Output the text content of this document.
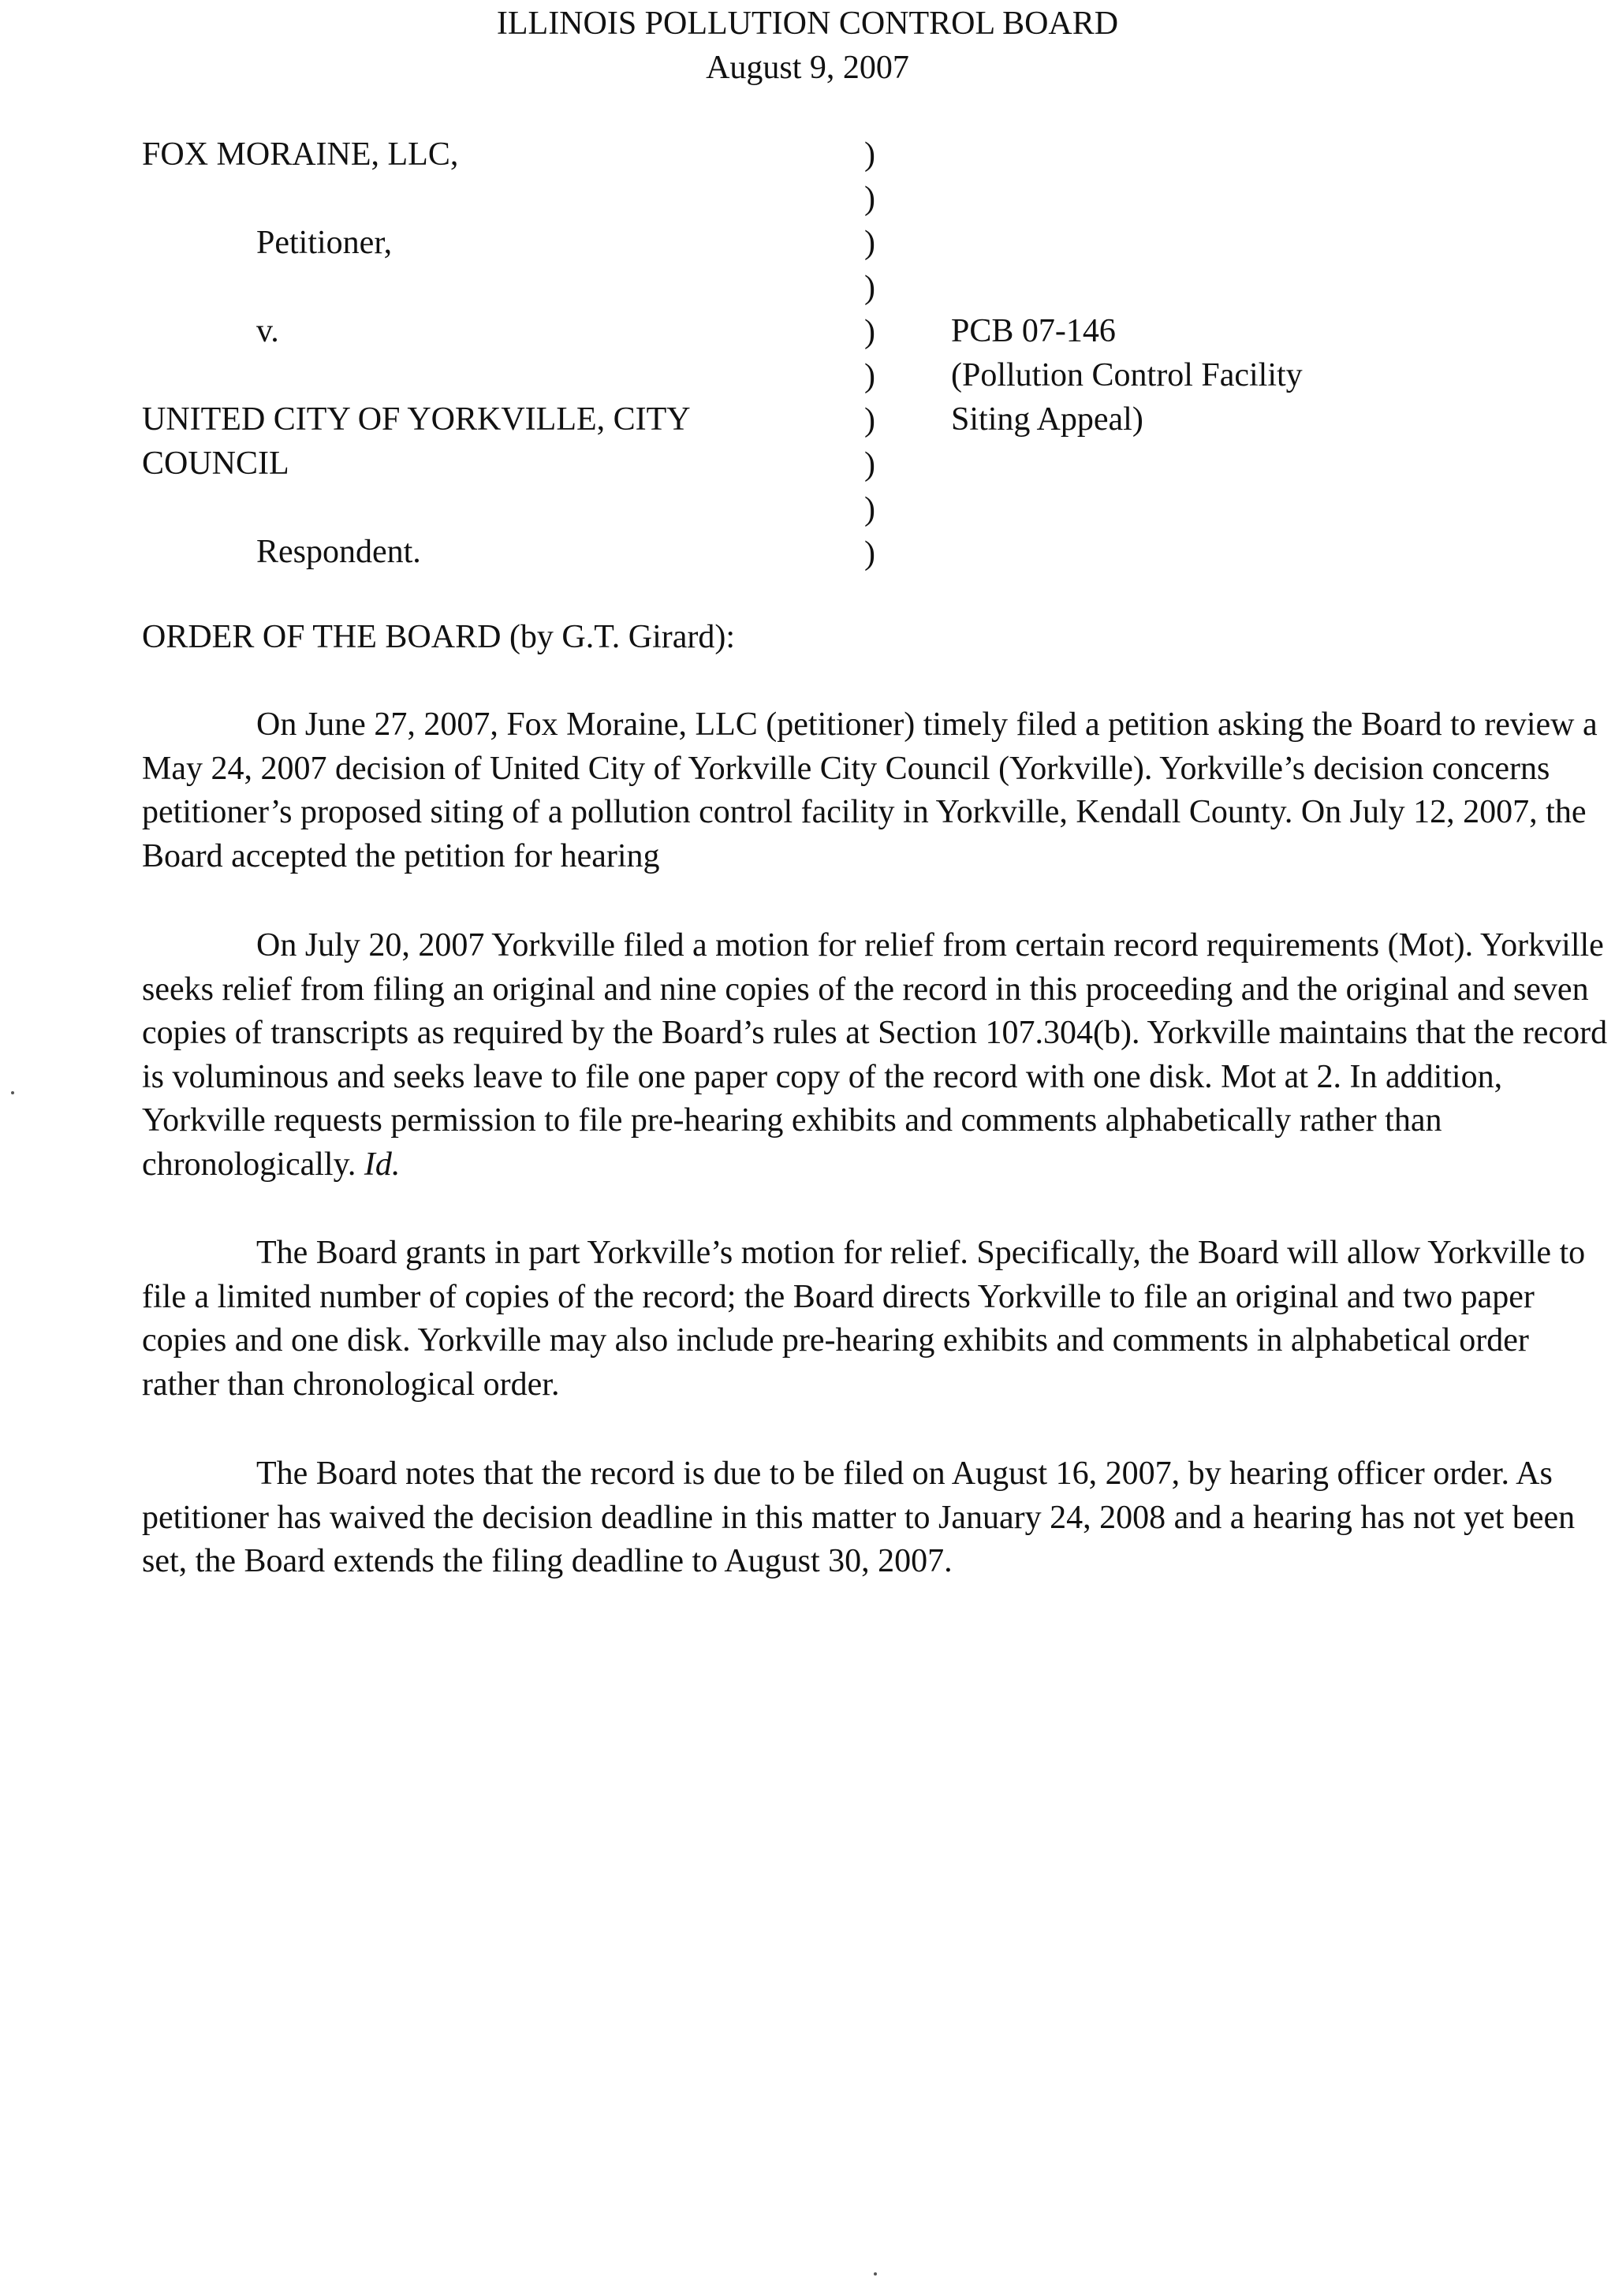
ILLINOIS POLLUTION CONTROL BOARD
August 9, 2007
FOX MORAINE, LLC,
Petitioner,
v.
UNITED CITY OF YORKVILLE, CITY
COUNCIL
Respondent.
)
)
)
)
)
)
)
)
)
)
PCB 07-146
(Pollution Control Facility
Siting Appeal)
ORDER OF THE BOARD (by G.T. Girard):

On June 27, 2007, Fox Moraine, LLC (petitioner) timely filed a petition asking the Board to review a May 24, 2007 decision of United City of Yorkville City Council (Yorkville). Yorkville’s decision concerns petitioner’s proposed siting of a pollution control facility in Yorkville, Kendall County. On July 12, 2007, the Board accepted the petition for hearing

On July 20, 2007 Yorkville filed a motion for relief from certain record requirements (Mot). Yorkville seeks relief from filing an original and nine copies of the record in this proceeding and the original and seven copies of transcripts as required by the Board’s rules at Section 107.304(b). Yorkville maintains that the record is voluminous and seeks leave to file one paper copy of the record with one disk. Mot at 2. In addition, Yorkville requests permission to file pre-hearing exhibits and comments alphabetically rather than chronologically. Id.

The Board grants in part Yorkville’s motion for relief. Specifically, the Board will allow Yorkville to file a limited number of copies of the record; the Board directs Yorkville to file an original and two paper copies and one disk. Yorkville may also include pre-hearing exhibits and comments in alphabetical order rather than chronological order.

The Board notes that the record is due to be filed on August 16, 2007, by hearing officer order. As petitioner has waived the decision deadline in this matter to January 24, 2008 and a hearing has not yet been set, the Board extends the filing deadline to August 30, 2007.
